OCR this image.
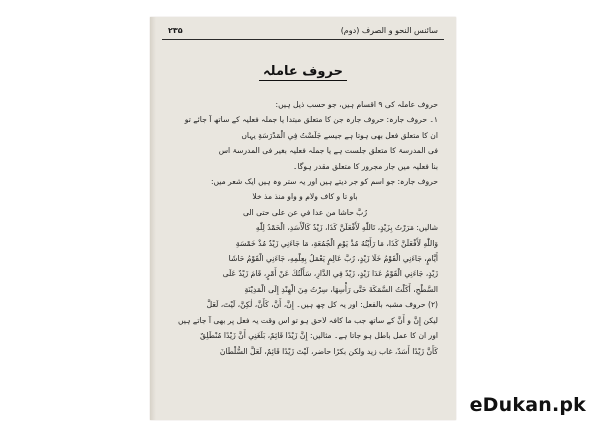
۲۳۵	سائنس النحو و الصرف (دوم)
حروف عاملہ
حروف عاملہ کی ۹ اقسام ہیں، جو حسب ذیل ہیں:
۱۔ حروف جارہ: حروف جارہ جن کا متعلق مبتدا یا جملہ فعلیہ کے ساتھ آ جائے تو
ان کا متعلق فعل بھی ہوتا ہے جیسے جَلَسْتُ فِي الْمَدْرَسَةِ یہاں
فی المدرسۃ کا متعلق جلست ہے یا جملہ فعلیہ بغیر فی المدرسۃ اس
بنا فعلیہ میں جار مجرور کا متعلق مقدر ہوگا۔
حروف جارہ: جو اسم کو جر دیتے ہیں اور یہ ستر وہ ہیں ایک شعر میں:
باو تا و کاف ولام و واو منذ مذ خلا
رُبَّ حاشا من عدا في عن على حتى الى
شالیں: مَرَرْتُ بِزَيْدٍ، تَاللّٰهِ لَأَفْعَلَنَّ كَذَا، زَيْدٌ كَالْأَسَدِ، الْحَمْدُ لِلّٰهِ
وَاللّٰهِ لَأَفْعَلَنَّ كَذَا، مَا رَأَيْتُهُ مُذْ يَوْمِ الْجُمُعَةِ، مَا جَاءَنِي زَيْدٌ مُذْ خَمْسَةِ
أَيَّامٍ، جَاءَنِي الْقَوْمُ خَلَا زَيْدٍ، رُبَّ عَالِمٍ يَعْمَلُ بِعِلْمِهِ، جَاءَنِي الْقَوْمُ حَاشَا
زَيْدٍ، جَاءَنِي الْقَوْمُ عَدَا زَيْدٍ، زَيْدٌ فِي الدَّارِ، سَأَلْتُكَ عَنْ أَمْرٍ، قَامَ زَيْدٌ عَلَى
السَّطْحِ، أَكَلْتُ السَّمَكَةَ حَتَّى رَأْسِهَا، سِرْتُ مِنَ الْهِنْدِ إِلَى الْمَدِيْنَةِ
(۲) حروف مشبہ بالفعل: اور یہ کل چھ ہیں۔ إِنَّ، أَنَّ، كَأَنَّ، لٰكِنَّ، لَيْتَ، لَعَلَّ
لیکن إِنَّ و أَنَّ کے ساتھ جب ما کافہ لاحق ہو تو اس وقت یہ فعل پر بھی آ جاتے ہیں
اور ان کا عمل باطل ہو جاتا ہے۔ مثالیں: إِنَّ زَيْدًا قَائِمٌ، بَلَغَنِي أَنَّ زَيْدًا مُنْطَلِقٌ
كَأَنَّ زَيْدًا أَسَدٌ، غاب زيد ولكن بكرًا حاضر، لَيْتَ زَيْدًا قَائِمٌ، لَعَلَّ السُّلْطَانَ
eDukan.pk
